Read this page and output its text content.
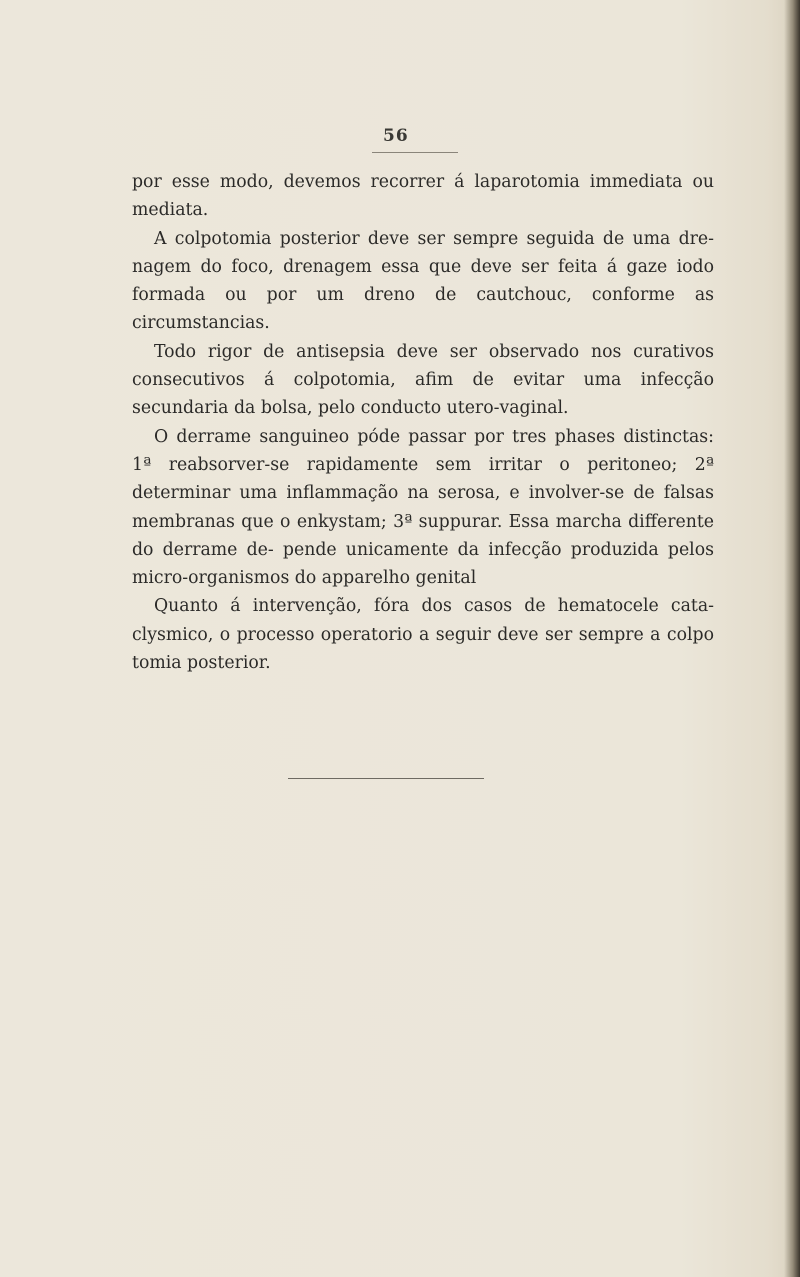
56

por esse modo, devemos recorrer á laparotomia immediata ou mediata.

A colpotomia posterior deve ser sempre seguida de uma dre- nagem do foco, drenagem essa que deve ser feita á gaze iodo formada ou por um dreno de cautchouc, conforme as circumstancias.

Todo rigor de antisepsia deve ser observado nos curativos consecutivos á colpotomia, afim de evitar uma infecção secundaria da bolsa, pelo conducto utero-vaginal.

O derrame sanguineo póde passar por tres phases distinctas: 1ª reabsorver-se rapidamente sem irritar o peritoneo; 2ª determinar uma inflammação na serosa, e involver-se de falsas membranas que o enkystam; 3ª suppurar. Essa marcha differente do derrame de- pende unicamente da infecção produzida pelos micro-organismos do apparelho genital

Quanto á intervenção, fóra dos casos de hematocele cata- clysmico, o processo operatorio a seguir deve ser sempre a colpo tomia posterior.
